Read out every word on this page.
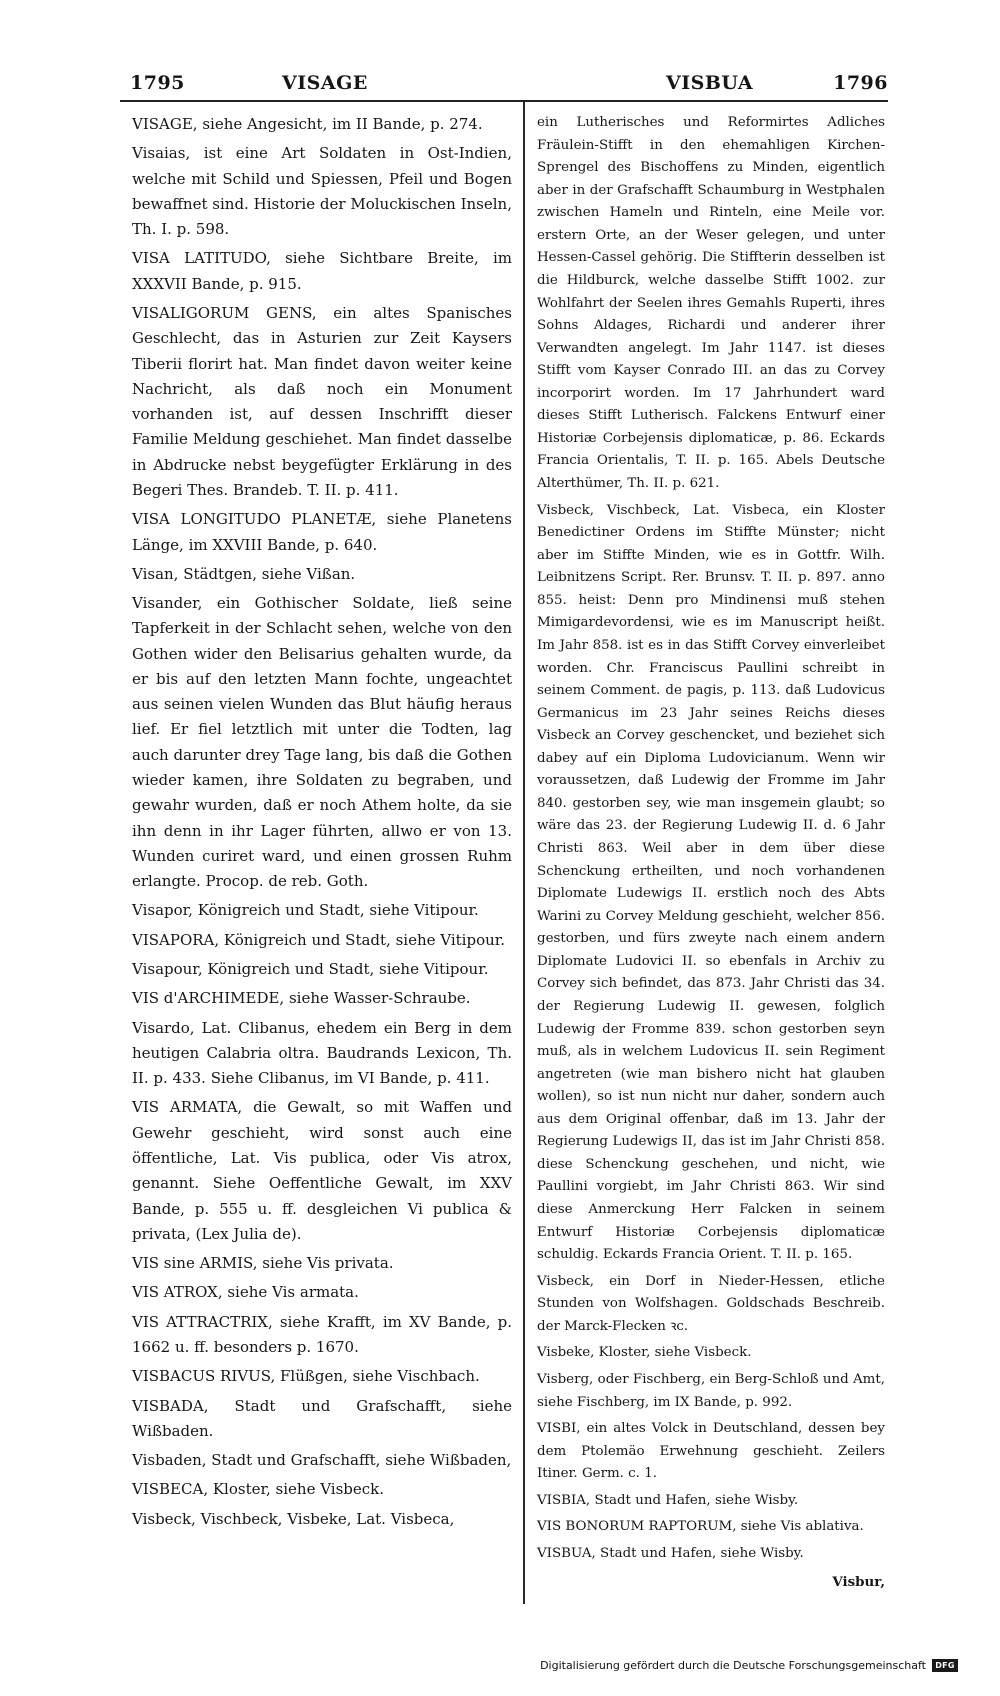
1795	VISAGE	VISBUA	1796

VISAGE, siehe Angesicht, im II Bande, p. 274.

Visaias, ist eine Art Soldaten in Ost-Indien, welche mit Schild und Spiessen, Pfeil und Bogen bewaffnet sind. Historie der Moluckischen Inseln, Th. I. p. 598.

VISA LATITUDO, siehe Sichtbare Breite, im XXXVII Bande, p. 915.

VISALIGORUM GENS, ein altes Spanisches Geschlecht, das in Asturien zur Zeit Kaysers Tiberii florirt hat. Man findet davon weiter keine Nachricht, als daß noch ein Monument vorhanden ist, auf dessen Inschrifft dieser Familie Meldung geschiehet. Man findet dasselbe in Abdrucke nebst beygefügter Erklärung in des Begeri Thes. Brandeb. T. II. p. 411.

VISA LONGITUDO PLANETÆ, siehe Planetens Länge, im XXVIII Bande, p. 640.

Visan, Städtgen, siehe Vißan.

Visander, ein Gothischer Soldate, ließ seine Tapferkeit in der Schlacht sehen, welche von den Gothen wider den Belisarius gehalten wurde, da er bis auf den letzten Mann fochte, ungeachtet aus seinen vielen Wunden das Blut häufig heraus lief. Er fiel letztlich mit unter die Todten, lag auch darunter drey Tage lang, bis daß die Gothen wieder kamen, ihre Soldaten zu begraben, und gewahr wurden, daß er noch Athem holte, da sie ihn denn in ihr Lager führten, allwo er von 13. Wunden curiret ward, und einen grossen Ruhm erlangte. Procop. de reb. Goth.

Visapor, Königreich und Stadt, siehe Vitipour.

VISAPORA, Königreich und Stadt, siehe Vitipour.

Visapour, Königreich und Stadt, siehe Vitipour.

VIS d'ARCHIMEDE, siehe Wasser-Schraube.

Visardo, Lat. Clibanus, ehedem ein Berg in dem heutigen Calabria oltra. Baudrands Lexicon, Th. II. p. 433. Siehe Clibanus, im VI Bande, p. 411.

VIS ARMATA, die Gewalt, so mit Waffen und Gewehr geschieht, wird sonst auch eine öffentliche, Lat. Vis publica, oder Vis atrox, genannt. Siehe Oeffentliche Gewalt, im XXV Bande, p. 555 u. ff. desgleichen Vi publica & privata, (Lex Julia de).

VIS sine ARMIS, siehe Vis privata.

VIS ATROX, siehe Vis armata.

VIS ATTRACTRIX, siehe Krafft, im XV Bande, p. 1662 u. ff. besonders p. 1670.

VISBACUS RIVUS, Flüßgen, siehe Vischbach.

VISBADA, Stadt und Grafschafft, siehe Wißbaden.

Visbaden, Stadt und Grafschafft, siehe Wißbaden,

VISBECA, Kloster, siehe Visbeck.

Visbeck, Vischbeck, Visbeke, Lat. Visbeca,

ein Lutherisches und Reformirtes Adliches Fräulein-Stifft in den ehemahligen Kirchen-Sprengel des Bischoffens zu Minden, eigentlich aber in der Grafschafft Schaumburg in Westphalen zwischen Hameln und Rinteln, eine Meile vor. erstern Orte, an der Weser gelegen, und unter Hessen-Cassel gehörig. Die Stiffterin desselben ist die Hildburck, welche dasselbe Stifft 1002. zur Wohlfahrt der Seelen ihres Gemahls Ruperti, ihres Sohns Aldages, Richardi und anderer ihrer Verwandten angelegt. Im Jahr 1147. ist dieses Stifft vom Kayser Conrado III. an das zu Corvey incorporirt worden. Im 17 Jahrhundert ward dieses Stifft Lutherisch. Falckens Entwurf einer Historiæ Corbejensis diplomaticæ, p. 86. Eckards Francia Orientalis, T. II. p. 165. Abels Deutsche Alterthümer, Th. II. p. 621.

Visbeck, Vischbeck, Lat. Visbeca, ein Kloster Benedictiner Ordens im Stiffte Münster; nicht aber im Stiffte Minden, wie es in Gottfr. Wilh. Leibnitzens Script. Rer. Brunsv. T. II. p. 897. anno 855. heist: Denn pro Mindinensi muß stehen Mimigardevordensi, wie es im Manuscript heißt. Im Jahr 858. ist es in das Stifft Corvey einverleibet worden. Chr. Franciscus Paullini schreibt in seinem Comment. de pagis, p. 113. daß Ludovicus Germanicus im 23 Jahr seines Reichs dieses Visbeck an Corvey geschencket, und beziehet sich dabey auf ein Diploma Ludovicianum. Wenn wir voraussetzen, daß Ludewig der Fromme im Jahr 840. gestorben sey, wie man insgemein glaubt; so wäre das 23. der Regierung Ludewig II. d. 6 Jahr Christi 863. Weil aber in dem über diese Schenckung ertheilten, und noch vorhandenen Diplomate Ludewigs II. erstlich noch des Abts Warini zu Corvey Meldung geschieht, welcher 856. gestorben, und fürs zweyte nach einem andern Diplomate Ludovici II. so ebenfals in Archiv zu Corvey sich befindet, das 873. Jahr Christi das 34. der Regierung Ludewig II. gewesen, folglich Ludewig der Fromme 839. schon gestorben seyn muß, als in welchem Ludovicus II. sein Regiment angetreten (wie man bishero nicht hat glauben wollen), so ist nun nicht nur daher, sondern auch aus dem Original offenbar, daß im 13. Jahr der Regierung Ludewigs II, das ist im Jahr Christi 858. diese Schenckung geschehen, und nicht, wie Paullini vorgiebt, im Jahr Christi 863. Wir sind diese Anmerckung Herr Falcken in seinem Entwurf Historiæ Corbejensis diplomaticæ schuldig. Eckards Francia Orient. T. II. p. 165.

Visbeck, ein Dorf in Nieder-Hessen, etliche Stunden von Wolfshagen. Goldschads Beschreib. der Marck-Flecken ꝛc.

Visbeke, Kloster, siehe Visbeck.

Visberg, oder Fischberg, ein Berg-Schloß und Amt, siehe Fischberg, im IX Bande, p. 992.

VISBI, ein altes Volck in Deutschland, dessen bey dem Ptolemäo Erwehnung geschieht. Zeilers Itiner. Germ. c. 1.

VISBIA, Stadt und Hafen, siehe Wisby.

VIS BONORUM RAPTORUM, siehe Vis ablativa.

VISBUA, Stadt und Hafen, siehe Wisby.

Visbur,

Digitalisierung gefördert durch die Deutsche Forschungsgemeinschaft	DFG
